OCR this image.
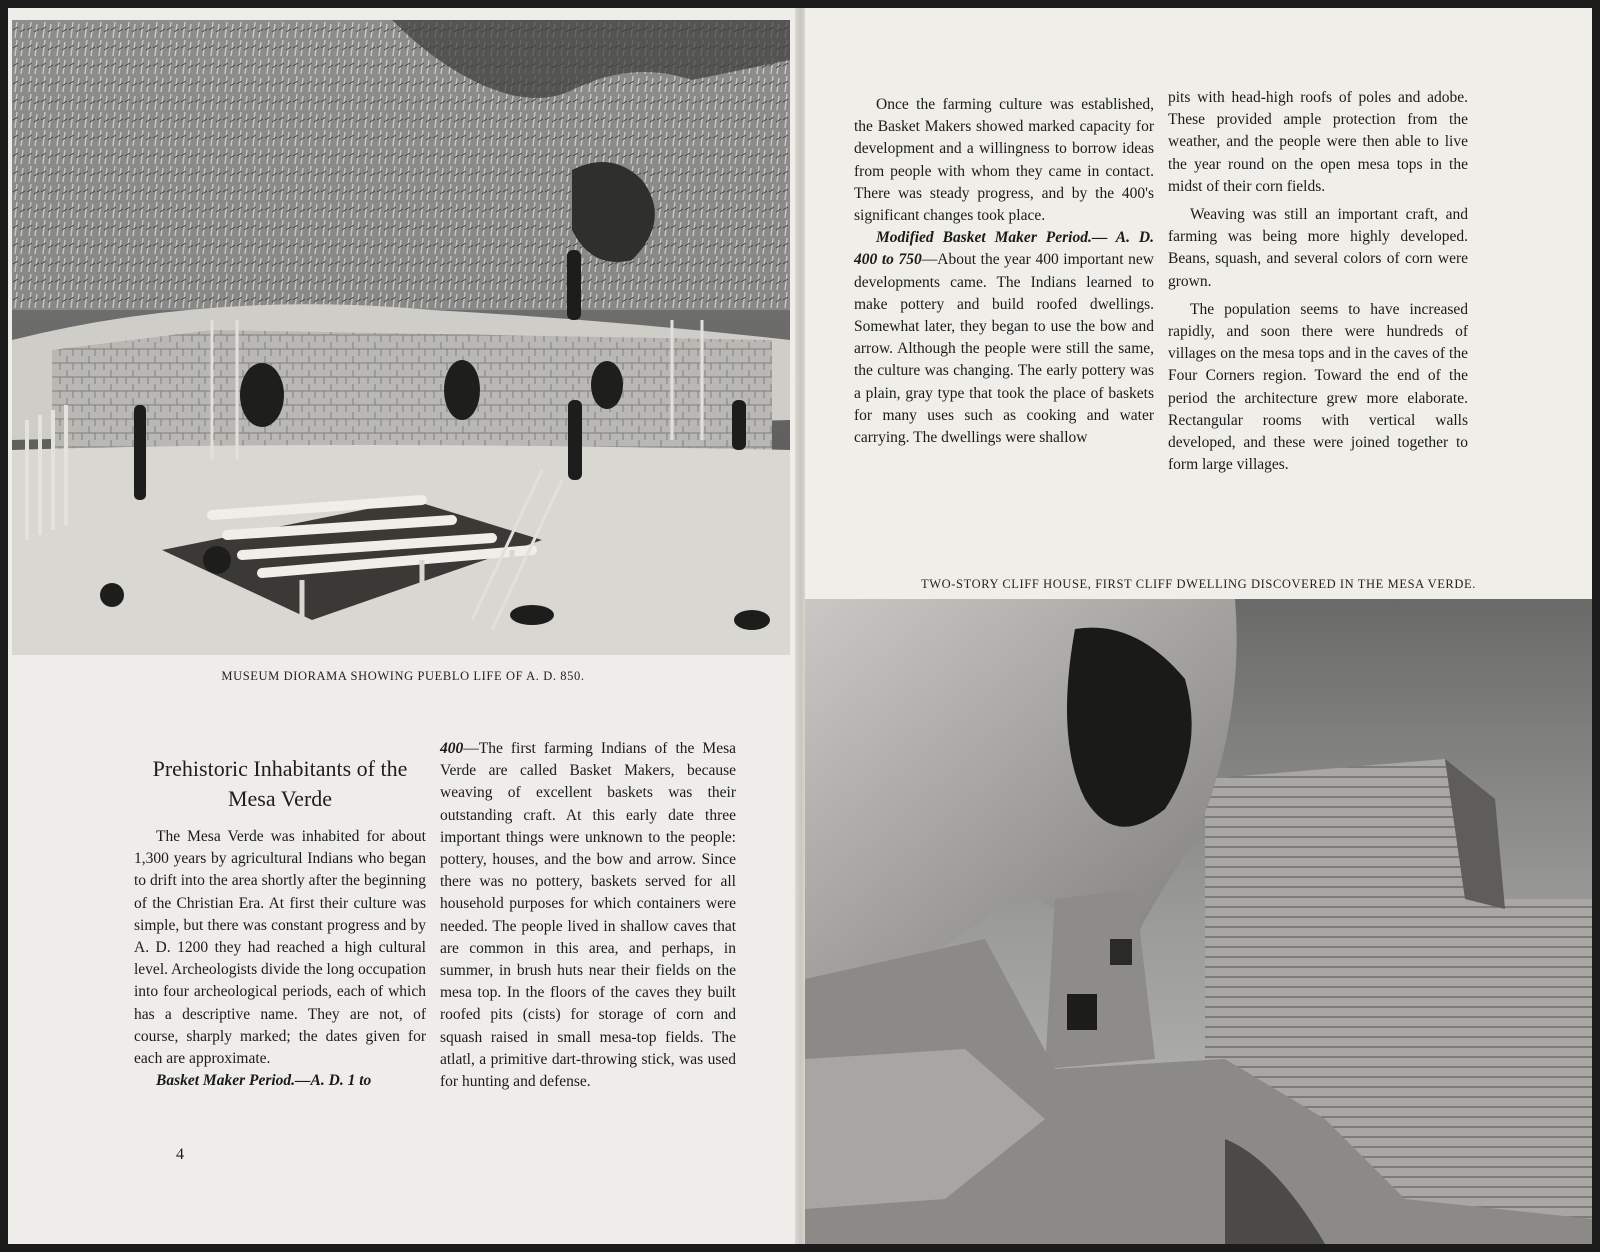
MUSEUM DIORAMA SHOWING PUEBLO LIFE OF A. D. 850.
Prehistoric Inhabitants of the Mesa Verde

The Mesa Verde was inhabited for about 1,300 years by agricultural Indians who began to drift into the area shortly after the beginning of the Christian Era. At first their culture was simple, but there was constant progress and by A. D. 1200 they had reached a high cultural level. Archeologists divide the long occupation into four archeological periods, each of which has a descriptive name. They are not, of course, sharply marked; the dates given for each are approximate.

Basket Maker Period.—A. D. 1 to

400—The first farming Indians of the Mesa Verde are called Basket Makers, because weaving of excellent baskets was their outstanding craft. At this early date three important things were unknown to the people: pottery, houses, and the bow and arrow. Since there was no pottery, baskets served for all household purposes for which containers were needed. The people lived in shallow caves that are common in this area, and perhaps, in summer, in brush huts near their fields on the mesa top. In the floors of the caves they built roofed pits (cists) for storage of corn and squash raised in small mesa-top fields. The atlatl, a primitive dart-throwing stick, was used for hunting and defense.

4

Once the farming culture was established, the Basket Makers showed marked capacity for development and a willingness to borrow ideas from people with whom they came in contact. There was steady progress, and by the 400's significant changes took place.

Modified Basket Maker Period.— A. D. 400 to 750—About the year 400 important new developments came. The Indians learned to make pottery and build roofed dwellings. Somewhat later, they began to use the bow and arrow. Although the people were still the same, the culture was changing. The early pottery was a plain, gray type that took the place of baskets for many uses such as cooking and water carrying. The dwellings were shallow

pits with head-high roofs of poles and adobe. These provided ample protection from the weather, and the people were then able to live the year round on the open mesa tops in the midst of their corn fields.

Weaving was still an important craft, and farming was being more highly developed. Beans, squash, and several colors of corn were grown.

The population seems to have increased rapidly, and soon there were hundreds of villages on the mesa tops and in the caves of the Four Corners region. Toward the end of the period the architecture grew more elaborate. Rectangular rooms with vertical walls developed, and these were joined together to form large villages.

TWO-STORY CLIFF HOUSE, FIRST CLIFF DWELLING DISCOVERED IN THE MESA VERDE.
